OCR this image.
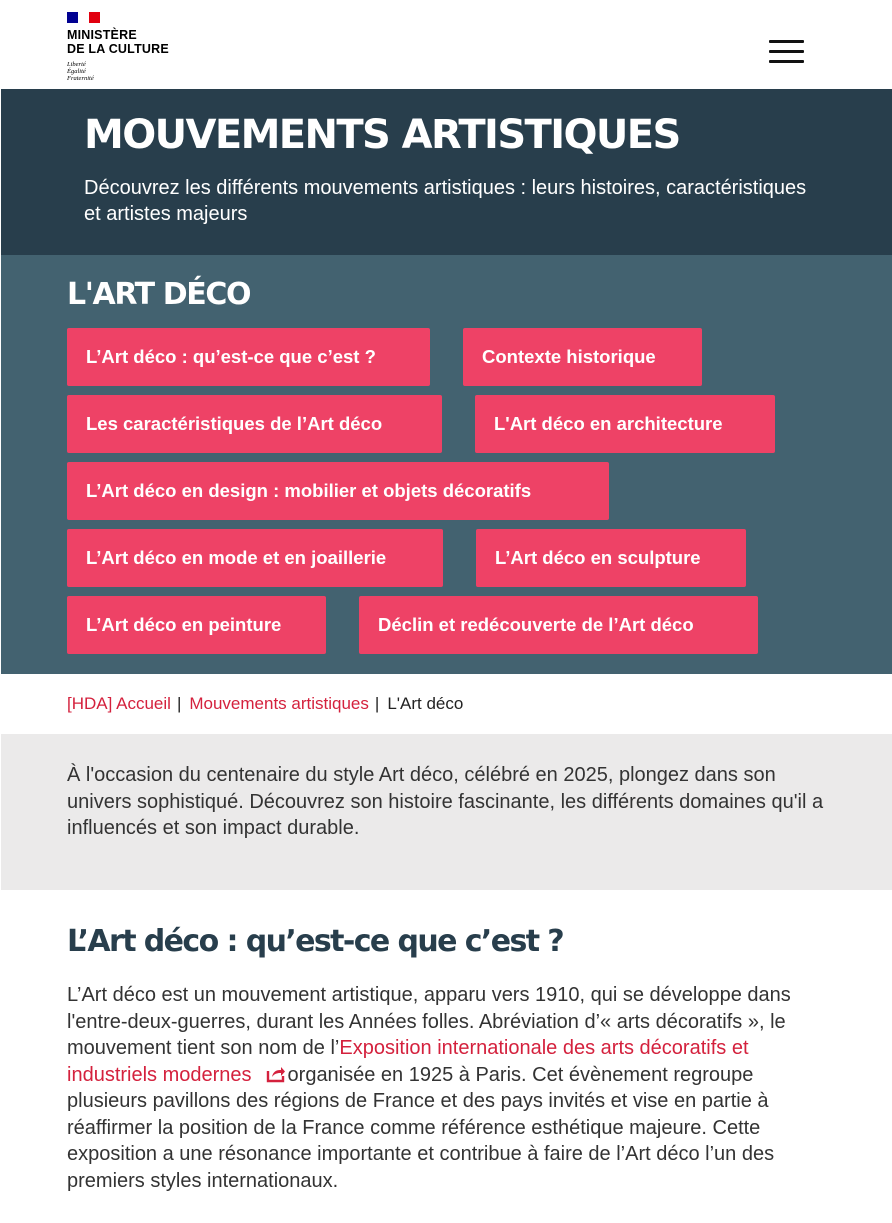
MINISTÈRE
DE LA CULTURE
Liberté
Égalité
Fraternité
MOUVEMENTS ARTISTIQUES

Découvrez les différents mouvements artistiques : leurs histoires, caractéristiques et artistes majeurs

L'ART DÉCO
L’Art déco : qu’est-ce que c’est ?	Contexte historique
Les caractéristiques de l’Art déco	L'Art déco en architecture
L’Art déco en design : mobilier et objets décoratifs
L’Art déco en mode et en joaillerie	L’Art déco en sculpture
L’Art déco en peinture	Déclin et redécouverte de l’Art déco
[HDA] Accueil | Mouvements artistiques | L'Art déco

À l'occasion du centenaire du style Art déco, célébré en 2025, plongez dans son univers sophistiqué. Découvrez son histoire fascinante, les différents domaines qu'il a influencés et son impact durable.

L’Art déco : qu’est-ce que c’est ?

L’Art déco est un mouvement artistique, apparu vers 1910, qui se développe dans l'entre-deux-guerres, durant les Années folles. Abréviation d’« arts décoratifs », le mouvement tient son nom de l’Exposition internationale des arts décoratifs et industriels modernes organisée en 1925 à Paris. Cet évènement regroupe plusieurs pavillons des régions de France et des pays invités et vise en partie à réaffirmer la position de la France comme référence esthétique majeure. Cette exposition a une résonance importante et contribue à faire de l’Art déco l’un des premiers styles internationaux.
